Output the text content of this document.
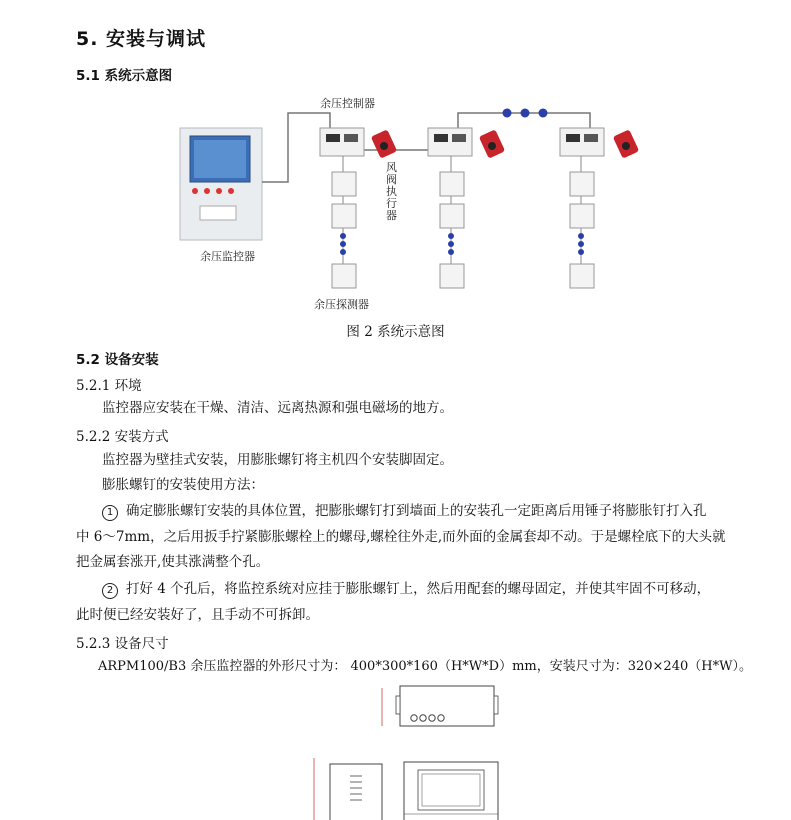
5. 安装与调试
5.1 系统示意图
余压控制器
余压监控器
风
阀
执
行
器
余压探测器
图 2 系统示意图
5.2 设备安装
5.2.1 环境
监控器应安装在干燥、清洁、远离热源和强电磁场的地方。
5.2.2 安装方式
监控器为壁挂式安装，用膨胀螺钉将主机四个安装脚固定。
膨胀螺钉的安装使用方法：
1 确定膨胀螺钉安装的具体位置，把膨胀螺钉打到墙面上的安装孔一定距离后用锤子将膨胀钉打入孔
中 6～7mm，之后用扳手拧紧膨胀螺栓上的螺母,螺栓往外走,而外面的金属套却不动。于是螺栓底下的大头就
把金属套涨开,使其涨满整个孔。
2 打好 4 个孔后，将监控系统对应挂于膨胀螺钉上，然后用配套的螺母固定，并使其牢固不可移动，
此时便已经安装好了，且手动不可拆卸。
5.2.3 设备尺寸
ARPM100/B3 余压监控器的外形尺寸为： 400*300*160（H*W*D）mm，安装尺寸为：320×240（H*W）。
